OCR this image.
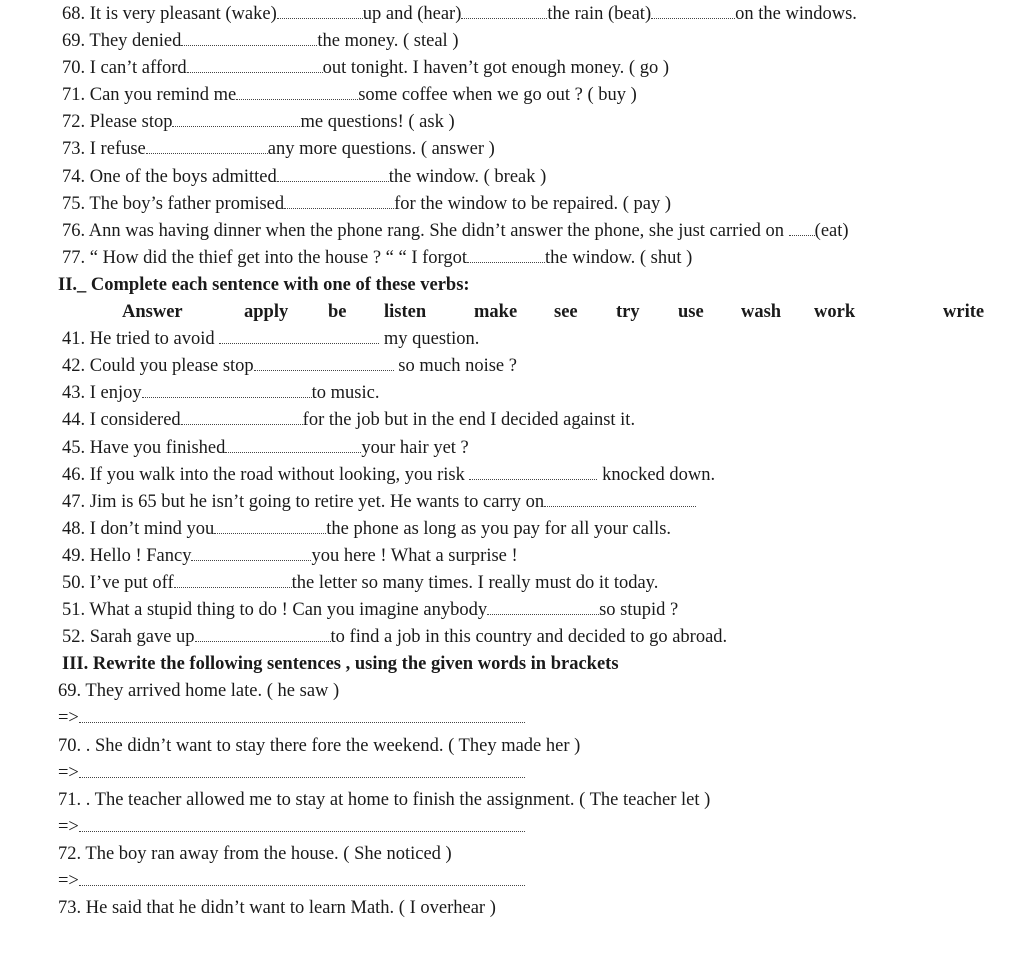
68. It is very pleasant (wake)	up and (hear)	the rain (beat)	on the windows.
69. They denied	the money. ( steal )
70. I can’t afford	out tonight. I haven’t got enough money. ( go )
71. Can you remind me	some coffee when we go out ? ( buy )
72. Please stop	me questions! ( ask )
73. I refuse	any more questions. ( answer )
74. One of the boys admitted	the window. ( break )
75. The boy’s father promised	for the window to be repaired. ( pay )
76. Ann was having dinner when the phone rang. She didn’t answer the phone, she just carried on (eat)
77. “ How did the thief get into the house ? “ “ I forgot	the window. ( shut )
II._ Complete each sentence with one of these verbs:
Answer	apply be listen	make see try use wash work	write
41. He tried to avoid	my question.
42. Could you please stop	so much noise ?
43. I enjoy	to music.
44. I considered	for the job but in the end I decided against it.
45. Have you finished	your hair yet ?
46. If you walk into the road without looking, you risk	knocked down.
47. Jim is 65 but he isn’t going to retire yet. He wants to carry on
48. I don’t mind you	the phone as long as you pay for all your calls.
49. Hello ! Fancy	you here ! What a surprise !
50. I’ve put off	the letter so many times. I really must do it today.
51. What a stupid thing to do ! Can you imagine anybody	so stupid ?
52. Sarah gave up	to find a job in this country and decided to go abroad.
III. Rewrite the following sentences , using the given words in brackets
69. They arrived home late. ( he saw )
=>
70. . She didn’t want to stay there fore the weekend. ( They made her )
=>
71. . The teacher allowed me to stay at home to finish the assignment. ( The teacher let )
=>
72. The boy ran away from the house. ( She noticed )
=>
73. He said that he didn’t want to learn Math. ( I overhear )
